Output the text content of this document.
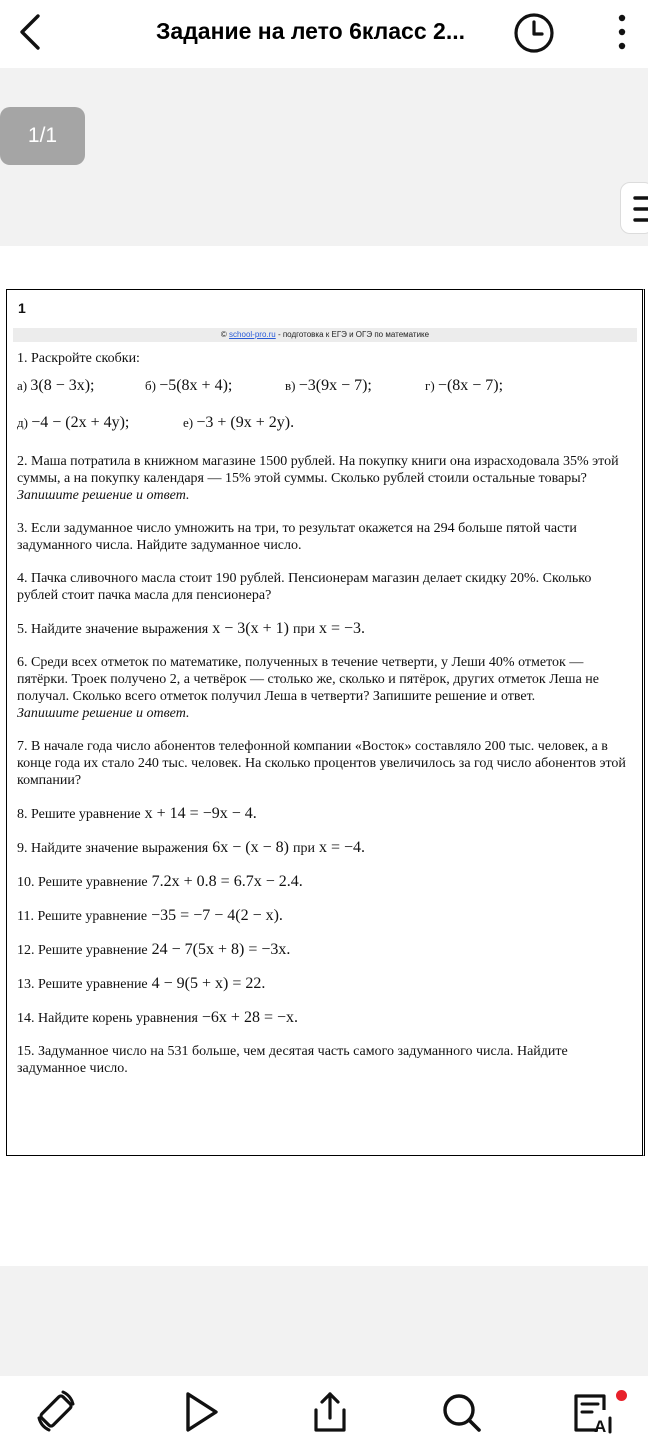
Задание на лето 6класс 2...
1/1
1
© school-pro.ru - подготовка к ЕГЭ и ОГЭ по математике
1. Раскройте скобки:
а) 3(8 − 3x);	б) −5(8x + 4);	в) −3(9x − 7);	г) −(8x − 7);
д) −4 − (2x + 4y);	е) −3 + (9x + 2y).
2. Маша потратила в книжном магазине 1500 рублей. На покупку книги она израсходовала 35% этой суммы, а на покупку календаря — 15% этой суммы. Сколько рублей стоили остальные товары?
Запишите решение и ответ.
3. Если задуманное число умножить на три, то результат окажется на 294 больше пятой части задуманного числа. Найдите задуманное число.
4. Пачка сливочного масла стоит 190 рублей. Пенсионерам магазин делает скидку 20%. Сколько рублей стоит пачка масла для пенсионера?
5. Найдите значение выражения x − 3(x + 1) при x = −3.
6. Среди всех отметок по математике, полученных в течение четверти, у Леши 40% отметок — пятёрки. Троек получено 2, а четвёрок — столько же, сколько и пятёрок, других отметок Леша не получал. Сколько всего отметок получил Леша в четверти? Запишите решение и ответ.
Запишите решение и ответ.
7. В начале года число абонентов телефонной компании «Восток» составляло 200 тыс. человек, а в конце года их стало 240 тыс. человек. На сколько процентов увеличилось за год число абонентов этой компании?
8. Решите уравнение x + 14 = −9x − 4.
9. Найдите значение выражения 6x − (x − 8) при x = −4.
10. Решите уравнение 7.2x + 0.8 = 6.7x − 2.4.
11. Решите уравнение −35 = −7 − 4(2 − x).
12. Решите уравнение 24 − 7(5x + 8) = −3x.
13. Решите уравнение 4 − 9(5 + x) = 22.
14. Найдите корень уравнения −6x + 28 = −x.
15. Задуманное число на 531 больше, чем десятая часть самого задуманного числа. Найдите задуманное число.
A
